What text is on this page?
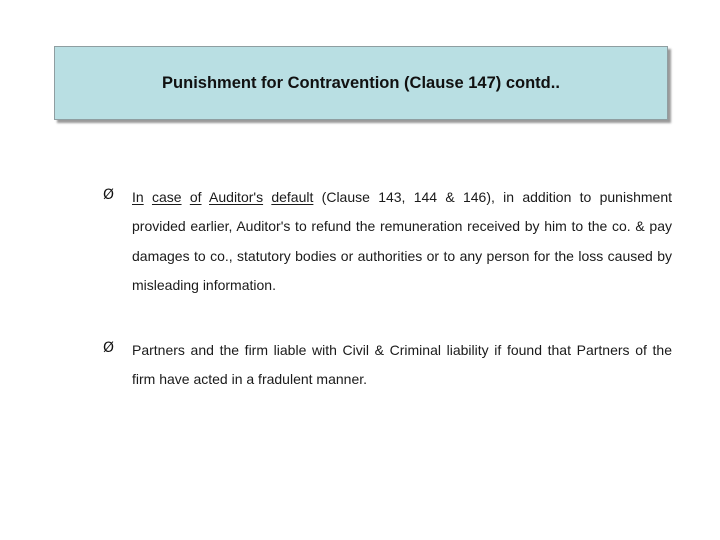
Punishment for Contravention (Clause 147) contd..
Ø In case of Auditor's default (Clause 143, 144 & 146), in addition to punishment provided earlier, Auditor's to refund the remuneration received by him to the co. & pay damages to co., statutory bodies or authorities or to any person for the loss caused by misleading information.
Ø Partners and the firm liable with Civil & Criminal liability if found that Partners of the firm have acted in a fradulent manner.
